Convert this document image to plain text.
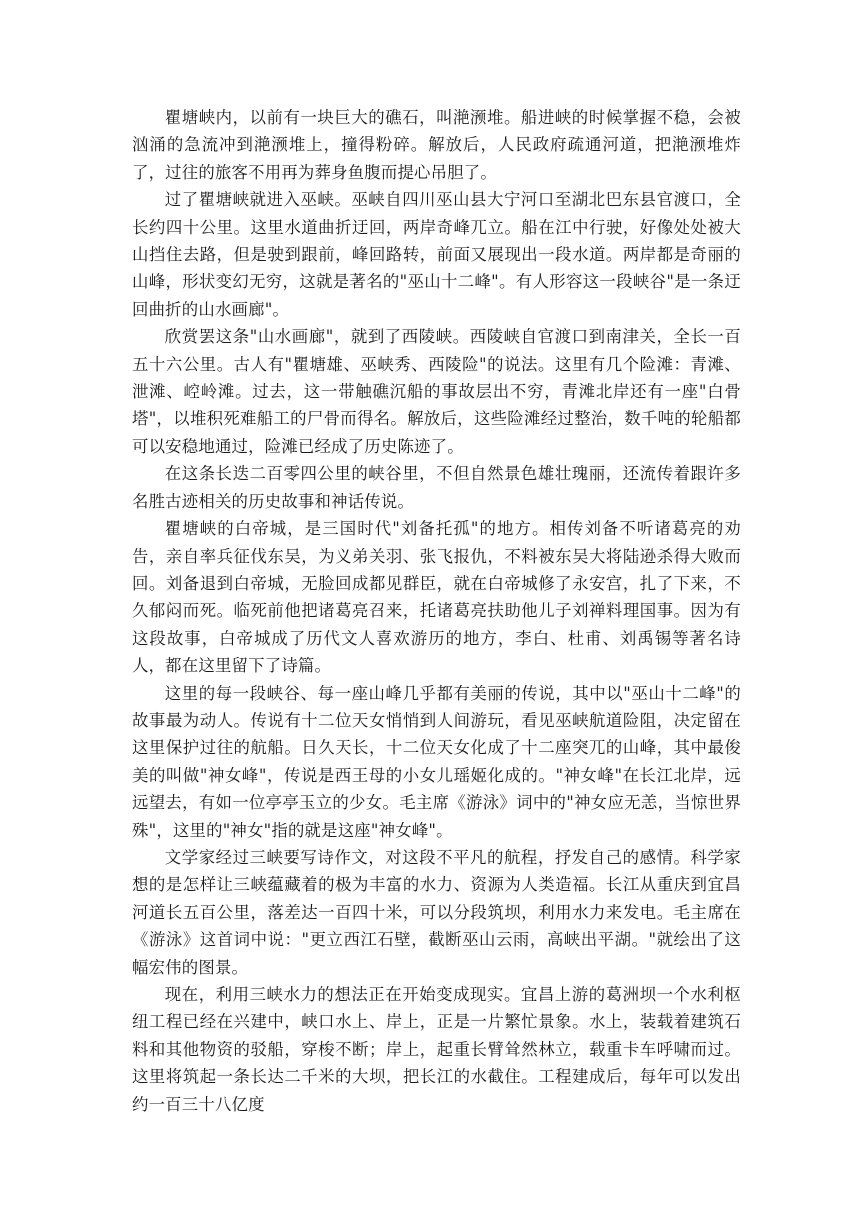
瞿塘峡内，以前有一块巨大的礁石，叫滟滪堆。船进峡的时候掌握不稳，会被汹涌的急流冲到滟滪堆上，撞得粉碎。解放后，人民政府疏通河道，把滟滪堆炸了，过往的旅客不用再为葬身鱼腹而提心吊胆了。

过了瞿塘峡就进入巫峡。巫峡自四川巫山县大宁河口至湖北巴东县官渡口，全长约四十公里。这里水道曲折迂回，两岸奇峰兀立。船在江中行驶，好像处处被大山挡住去路，但是驶到跟前，峰回路转，前面又展现出一段水道。两岸都是奇丽的山峰，形状变幻无穷，这就是著名的"巫山十二峰"。有人形容这一段峡谷"是一条迂回曲折的山水画廊"。

欣赏罢这条"山水画廊"，就到了西陵峡。西陵峡自官渡口到南津关，全长一百五十六公里。古人有"瞿塘雄、巫峡秀、西陵险"的说法。这里有几个险滩：青滩、泄滩、崆岭滩。过去，这一带触礁沉船的事故层出不穷，青滩北岸还有一座"白骨塔"，以堆积死难船工的尸骨而得名。解放后，这些险滩经过整治，数千吨的轮船都可以安稳地通过，险滩已经成了历史陈迹了。

在这条长迭二百零四公里的峡谷里，不但自然景色雄壮瑰丽，还流传着跟许多名胜古迹相关的历史故事和神话传说。

瞿塘峡的白帝城，是三国时代"刘备托孤"的地方。相传刘备不听诸葛亮的劝告，亲自率兵征伐东吴，为义弟关羽、张飞报仇，不料被东吴大将陆逊杀得大败而回。刘备退到白帝城，无脸回成都见群臣，就在白帝城修了永安宫，扎了下来，不久郁闷而死。临死前他把诸葛亮召来，托诸葛亮扶助他儿子刘禅料理国事。因为有这段故事，白帝城成了历代文人喜欢游历的地方，李白、杜甫、刘禹锡等著名诗人，都在这里留下了诗篇。

这里的每一段峡谷、每一座山峰几乎都有美丽的传说，其中以"巫山十二峰"的故事最为动人。传说有十二位天女悄悄到人间游玩，看见巫峡航道险阻，决定留在这里保护过往的航船。日久天长，十二位天女化成了十二座突兀的山峰，其中最俊美的叫做"神女峰"，传说是西王母的小女儿瑶姬化成的。"神女峰"在长江北岸，远远望去，有如一位亭亭玉立的少女。毛主席《游泳》词中的"神女应无恙，当惊世界殊"，这里的"神女"指的就是这座"神女峰"。

文学家经过三峡要写诗作文，对这段不平凡的航程，抒发自己的感情。科学家想的是怎样让三峡蕴藏着的极为丰富的水力、资源为人类造福。长江从重庆到宜昌河道长五百公里，落差达一百四十米，可以分段筑坝，利用水力来发电。毛主席在《游泳》这首词中说："更立西江石壁，截断巫山云雨，高峡出平湖。"就绘出了这幅宏伟的图景。

现在，利用三峡水力的想法正在开始变成现实。宜昌上游的葛洲坝一个水利枢纽工程已经在兴建中，峡口水上、岸上，正是一片繁忙景象。水上，装载着建筑石料和其他物资的驳船，穿梭不断；岸上，起重长臂耸然林立，载重卡车呼啸而过。这里将筑起一条长达二千米的大坝，把长江的水截住。工程建成后，每年可以发出约一百三十八亿度
